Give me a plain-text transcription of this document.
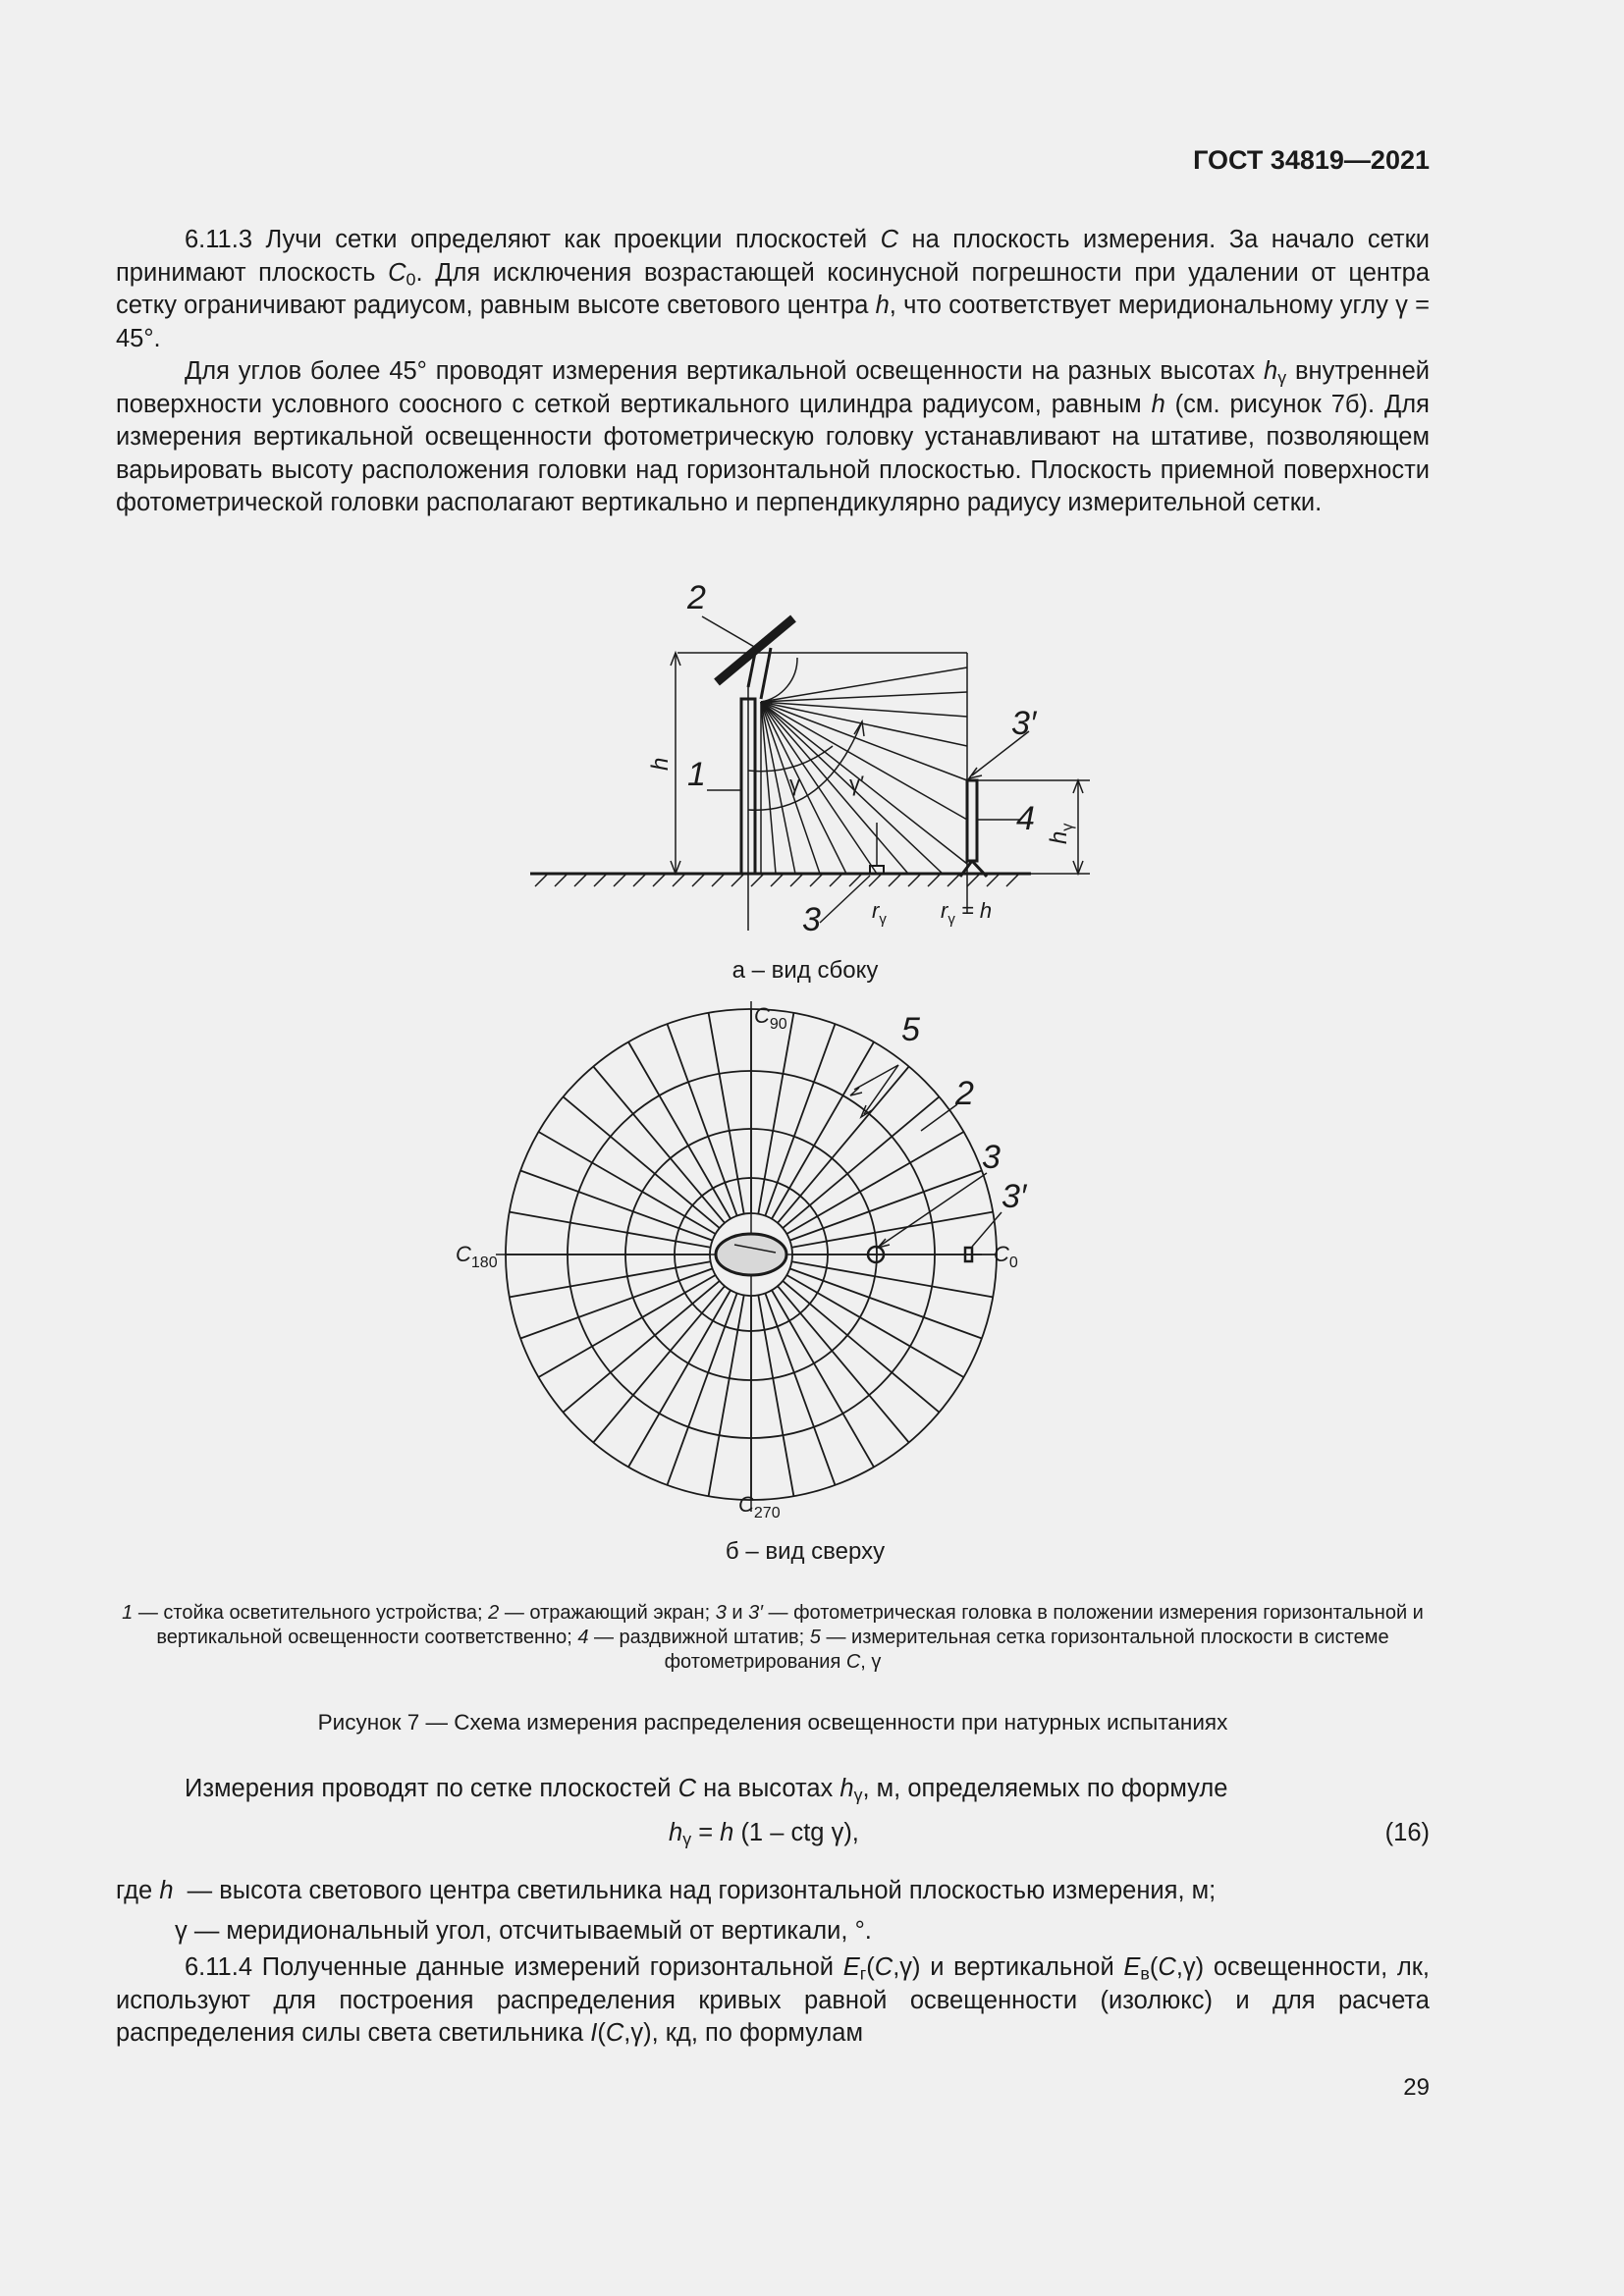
ГОСТ 34819—2021
6.11.3 Лучи сетки определяют как проекции плоскостей C на плоскость измерения. За начало сетки принимают плоскость $C_0$. Для исключения возрастающей косинусной погрешности при удалении от центра сетку ограничивают радиусом, равным высоте светового центра h, что соответствует меридиональному углу γ = 45°.
Для углов более 45° проводят измерения вертикальной освещенности на разных высотах $h_\gamma$ внутренней поверхности условного соосного с сеткой вертикального цилиндра радиусом, равным h (см. рисунок 7б). Для измерения вертикальной освещенности фотометрическую головку устанавливают на штативе, позволяющем варьировать высоту расположения головки над горизонтальной плоскостью. Плоскость приемной поверхности фотометрической головки располагают вертикально и перпендикулярно радиусу измерительной сетки.
2
1
3′
4
3
h
γ γ′
$h_\gamma$
$r_\gamma$	$r_\gamma = h$
а – вид сбоку
$C_{90}$
$C_{180}$
$C_{270}$
$C_0$
5
2
3
3′
б – вид сверху
1 — стойка осветительного устройства; 2 — отражающий экран; 3 и 3′ — фотометрическая головка в положении измерения горизонтальной и вертикальной освещенности соответственно; 4 — раздвижной штатив; 5 — измерительная сетка горизонтальной плоскости в системе фотометрирования C, γ
Рисунок 7 — Схема измерения распределения освещенности при натурных испытаниях
Измерения проводят по сетке плоскостей C на высотах $h_\gamma$, м, определяемых по формуле
$h_\gamma = h$ (1 – ctg γ),	(16)
где h  — высота светового центра светильника над горизонтальной плоскостью измерения, м;
γ — меридиональный угол, отсчитываемый от вертикали, °.
6.11.4 Полученные данные измерений горизонтальной $E_г(C,\gamma)$ и вертикальной $E_в(C,\gamma)$ освещенности, лк, используют для построения распределения кривых равной освещенности (изолюкс) и для расчета распределения силы света светильника I(C,γ), кд, по формулам
29
